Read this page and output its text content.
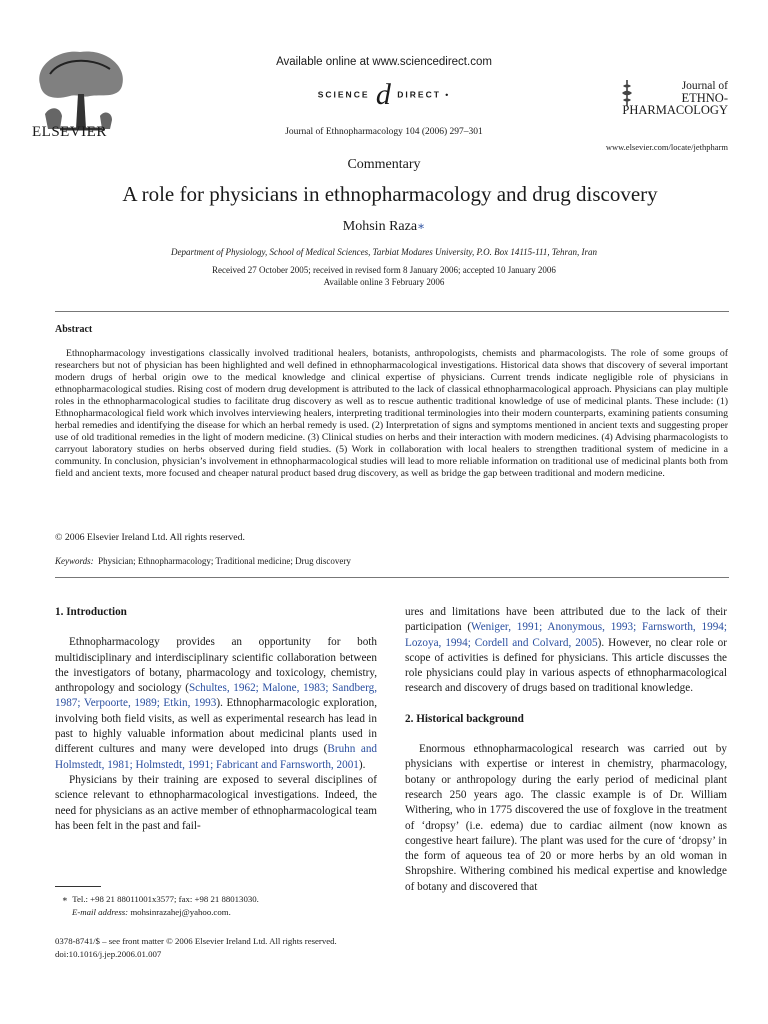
ELSEVIER
Available online at www.sciencedirect.com
SCIENCE d DIRECT •
Journal of Ethnopharmacology 104 (2006) 297–301
Journal of
ETHNO-
PHARMACOLOGY
www.elsevier.com/locate/jethpharm
Commentary
A role for physicians in ethnopharmacology and drug discovery
Mohsin Raza∗
Department of Physiology, School of Medical Sciences, Tarbiat Modares University, P.O. Box 14115-111, Tehran, Iran
Received 27 October 2005; received in revised form 8 January 2006; accepted 10 January 2006
Available online 3 February 2006
Abstract

Ethnopharmacology investigations classically involved traditional healers, botanists, anthropologists, chemists and pharmacologists. The role of some groups of researchers but not of physician has been highlighted and well defined in ethnopharmacological investigations. Historical data shows that discovery of several important modern drugs of herbal origin owe to the medical knowledge and clinical expertise of physicians. Current trends indicate negligible role of physicians in ethnopharmacological studies. Rising cost of modern drug development is attributed to the lack of classical ethnopharmacological approach. Physicians can play multiple roles in the ethnopharmacological studies to facilitate drug discovery as well as to rescue authentic traditional knowledge of use of medicinal plants. These include: (1) Ethnopharmacological field work which involves interviewing healers, interpreting traditional terminologies into their modern counterparts, examining patients consuming herbal remedies and identifying the disease for which an herbal remedy is used. (2) Interpretation of signs and symptoms mentioned in ancient texts and suggesting proper use of old traditional remedies in the light of modern medicine. (3) Clinical studies on herbs and their interaction with modern medicines. (4) Advising pharmacologists to carryout laboratory studies on herbs observed during field studies. (5) Work in collaboration with local healers to strengthen traditional system of medicine in a community. In conclusion, physician’s involvement in ethnopharmacological studies will lead to more reliable information on traditional use of medicinal plants both from field and ancient texts, more focused and cheaper natural product based drug discovery, as well as bridge the gap between traditional and modern medicine.

© 2006 Elsevier Ireland Ltd. All rights reserved.
Keywords: Physician; Ethnopharmacology; Traditional medicine; Drug discovery
1. Introduction

Ethnopharmacology provides an opportunity for both multidisciplinary and interdisciplinary scientific collaboration between the investigators of botany, pharmacology and toxicology, chemistry, anthropology and sociology (Schultes, 1962; Malone, 1983; Sandberg, 1987; Verpoorte, 1989; Etkin, 1993). Ethnopharmacologic exploration, involving both field visits, as well as experimental research has lead in past to highly valuable information about medicinal plants used in different cultures and many were developed into drugs (Bruhn and Holmstedt, 1981; Holmstedt, 1991; Fabricant and Farnsworth, 2001).

Physicians by their training are exposed to several disciplines of science relevant to ethnopharmacological investigations. Indeed, the need for physicians as an active member of ethnopharmacological team has been felt in the past and fail-

ures and limitations have been attributed due to the lack of their participation (Weniger, 1991; Anonymous, 1993; Farnsworth, 1994; Lozoya, 1994; Cordell and Colvard, 2005). However, no clear role or scope of activities is defined for physicians. This article discusses the role physicians could play in various aspects of ethnopharmacological research and discovery of drugs based on traditional knowledge.

2. Historical background

Enormous ethnopharmacological research was carried out by physicians with expertise or interest in chemistry, pharmacology, botany or anthropology during the early period of medicinal plant research 250 years ago. The classic example is of Dr. William Withering, who in 1775 discovered the use of foxglove in the treatment of ‘dropsy’ (i.e. edema) due to cardiac ailment (now known as congestive heart failure). The plant was used for the cure of ‘dropsy’ in the form of aqueous tea of 20 or more herbs by an old woman in Shropshire. Withering combined his medical expertise and knowledge of botany and discovered that

∗ Tel.: +98 21 88011001x3577; fax: +98 21 88013030.
E-mail address: mohsinrazahej@yahoo.com.
0378-8741/$ – see front matter © 2006 Elsevier Ireland Ltd. All rights reserved.
doi:10.1016/j.jep.2006.01.007
